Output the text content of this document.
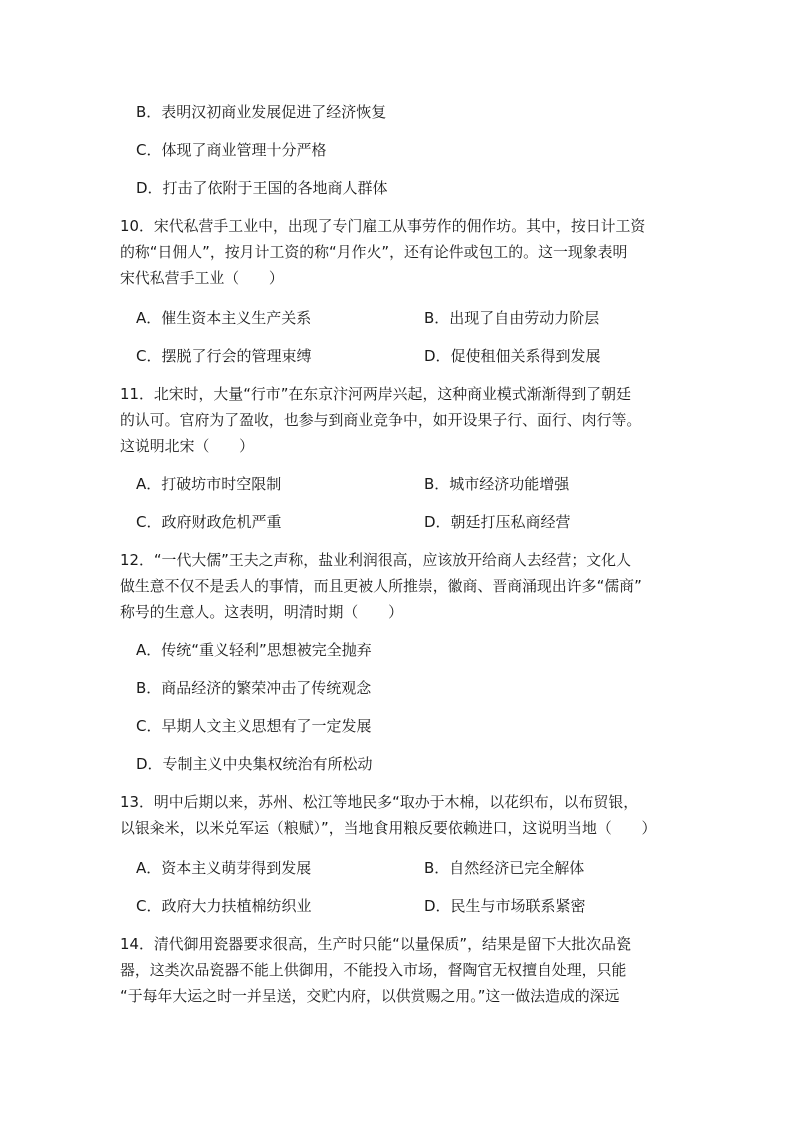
B．表明汉初商业发展促进了经济恢复
C．体现了商业管理十分严格
D．打击了依附于王国的各地商人群体
10．宋代私营手工业中，出现了专门雇工从事劳作的佣作坊。其中，按日计工资
的称“日佣人”，按月计工资的称“月作火”，还有论件或包工的。这一现象表明
宋代私营手工业（　　）
A．催生资本主义生产关系	B．出现了自由劳动力阶层
C．摆脱了行会的管理束缚	D．促使租佃关系得到发展
11．北宋时，大量“行市”在东京汴河两岸兴起，这种商业模式渐渐得到了朝廷
的认可。官府为了盈收，也参与到商业竞争中，如开设果子行、面行、肉行等。
这说明北宋（　　）
A．打破坊市时空限制	B．城市经济功能增强
C．政府财政危机严重	D．朝廷打压私商经营
12．“一代大儒”王夫之声称，盐业利润很高，应该放开给商人去经营；文化人
做生意不仅不是丢人的事情，而且更被人所推崇，徽商、晋商涌现出许多“儒商”
称号的生意人。这表明，明清时期（　　）
A．传统“重义轻利”思想被完全抛弃
B．商品经济的繁荣冲击了传统观念
C．早期人文主义思想有了一定发展
D．专制主义中央集权统治有所松动
13．明中后期以来，苏州、松江等地民多“取办于木棉，以花织布，以布贸银，
以银籴米，以米兑军运（粮赋）”，当地食用粮反要依赖进口，这说明当地（　　）
A．资本主义萌芽得到发展	B．自然经济已完全解体
C．政府大力扶植棉纺织业	D．民生与市场联系紧密
14．清代御用瓷器要求很高，生产时只能“以量保质”，结果是留下大批次品瓷
器，这类次品瓷器不能上供御用，不能投入市场，督陶官无权擅自处理，只能
“于每年大运之时一并呈送，交贮内府，以供赏赐之用。”这一做法造成的深远
